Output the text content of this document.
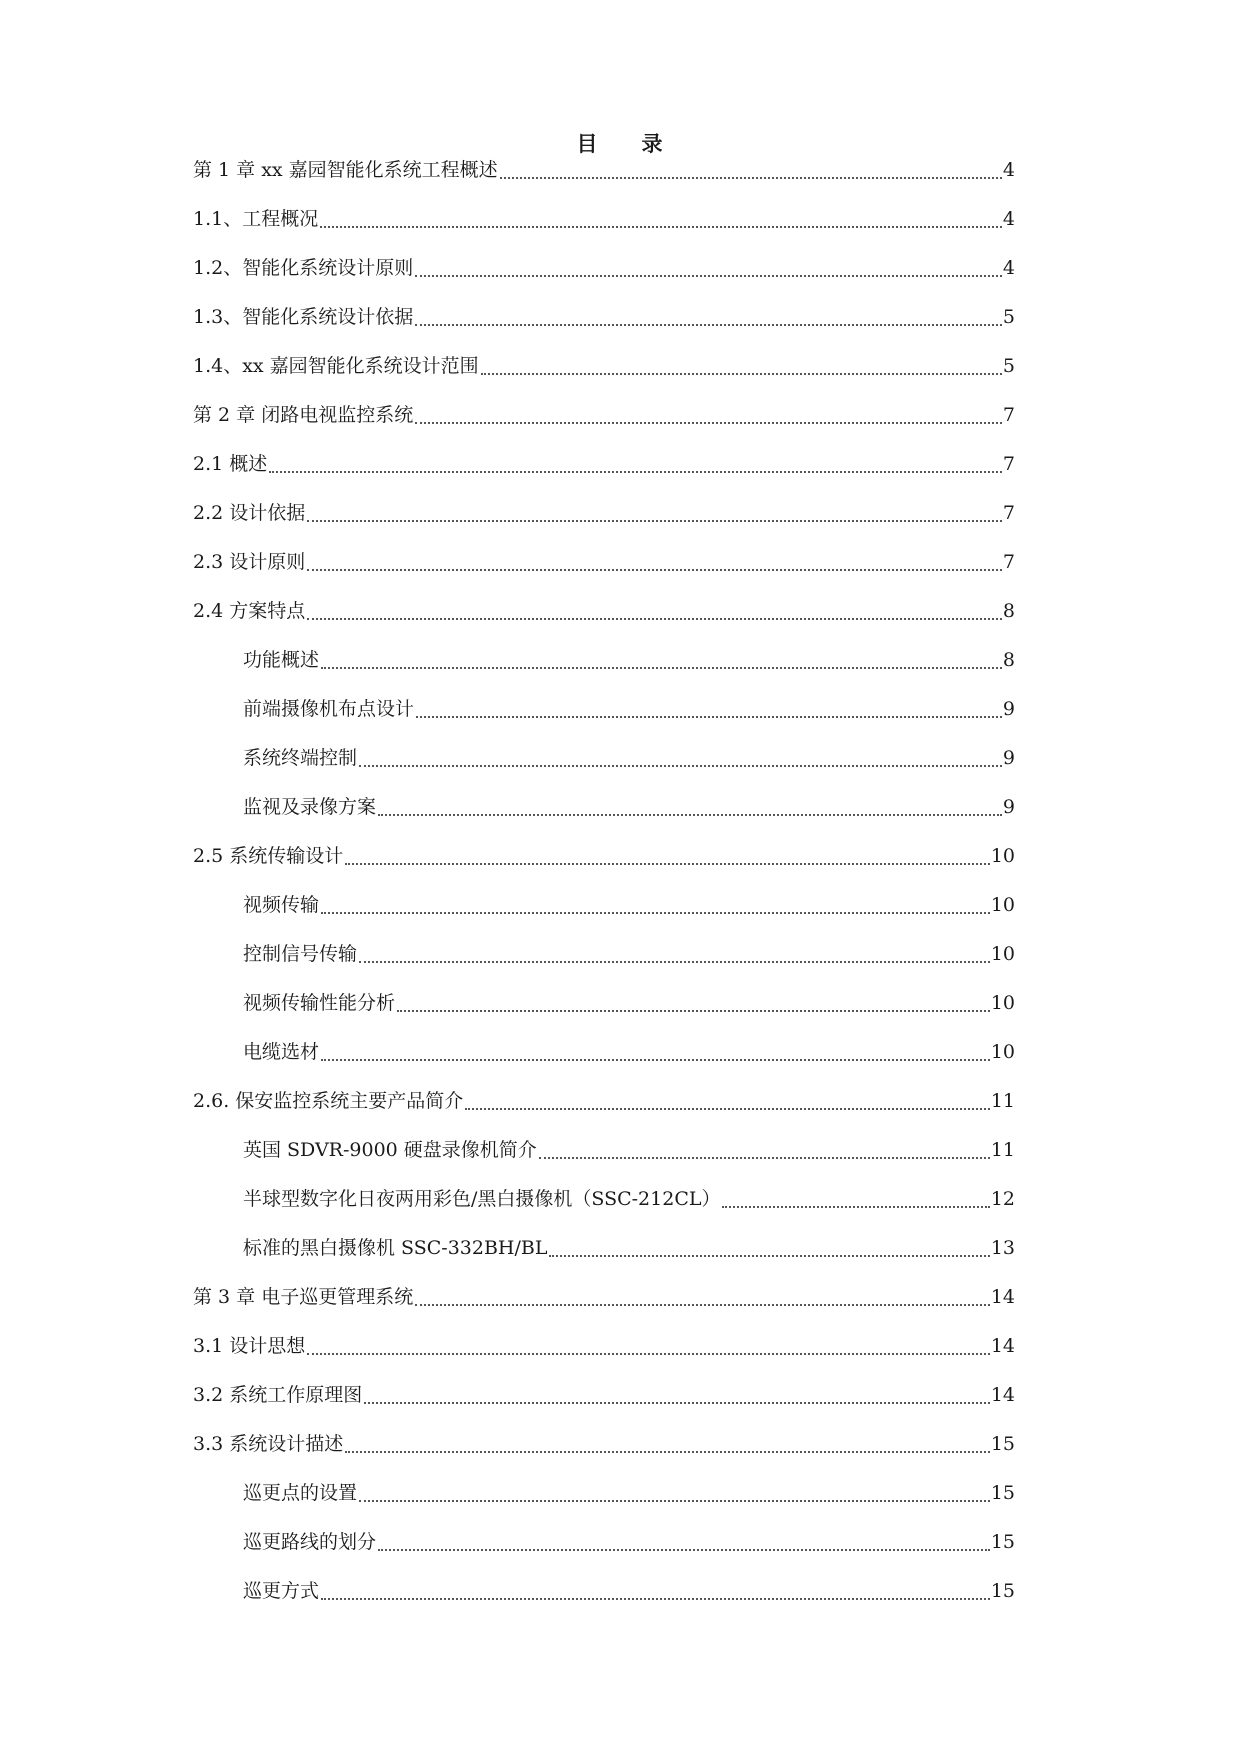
目 录
第 1 章 xx 嘉园智能化系统工程概述	4
1.1、工程概况	4
1.2、智能化系统设计原则	4
1.3、智能化系统设计依据	5
1.4、xx 嘉园智能化系统设计范围	5
第 2 章 闭路电视监控系统	7
2.1 概述	7
2.2 设计依据	7
2.3 设计原则	7
2.4 方案特点	8
功能概述	8
前端摄像机布点设计	9
系统终端控制	9
监视及录像方案	9
2.5 系统传输设计	10
视频传输	10
控制信号传输	10
视频传输性能分析	10
电缆选材	10
2.6. 保安监控系统主要产品简介	11
英国 SDVR-9000 硬盘录像机简介	11
半球型数字化日夜两用彩色/黑白摄像机（SSC-212CL）	12
标准的黑白摄像机 SSC-332BH/BL	13
第 3 章 电子巡更管理系统	14
3.1 设计思想	14
3.2 系统工作原理图	14
3.3 系统设计描述	15
巡更点的设置	15
巡更路线的划分	15
巡更方式	15
